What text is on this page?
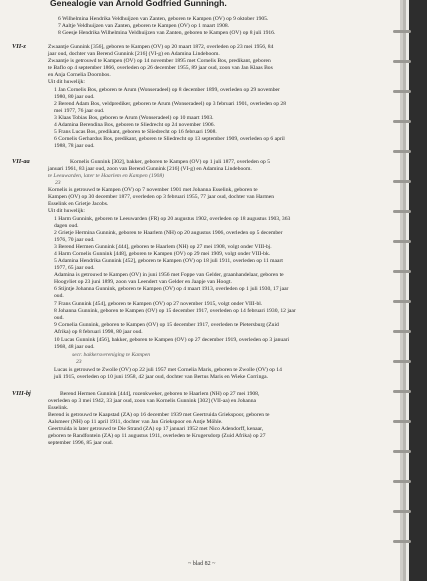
Genealogie van Arnold Godfried Gunningh.
6 Wilhelmina Hendrika Veldhuijzen van Zanten, geboren te Kampen (OV) op 9 oktober 1905.
7 Aaltje Veldhuijzen van Zanten, geboren te Kampen (OV) op 1 maart 1908.
8 Geesje Hendrika Wilhelmina Veldhuijzen van Zanten, geboren te Kampen (OV) op 8 juli 1916.
VII-z	Zwaantje Gunnink [356], geboren te Kampen (OV) op 20 maart 1872, overleden op 23 mei 1956, 84
jaar oud, dochter van Berend Gunnink [216] (VI-g) en Adamina Lindeboom.
Zwaantje is getrouwd te Kampen (OV) op 14 november 1895 met Cornelis Bos, predikant, geboren
te Baflo op 4 september 1866, overleden op 26 december 1955, 89 jaar oud, zoon van Jan Klaas Bos
en Anja Cornelia Doornbos.
Uit dit huwelijk:
1 Jan Cornelis Bos, geboren te Arum (Wonseradeel) op 8 december 1899, overleden op 29 november
1980, 80 jaar oud.
2 Berend Adam Bos, veldprediker, geboren te Arum (Wonseradeel) op 3 februari 1901, overleden op 28
mei 1977, 76 jaar oud.
3 Klaas Tobias Bos, geboren te Arum (Wonseradeel) op 10 maart 1903.
4 Adamina Berendina Bos, geboren te Sliedrecht op 24 november 1906.
5 Frans Lucas Bos, predikant, geboren te Sliedrecht op 16 februari 1908.
6 Cornelis Gerhardus Bos, predikant, geboren te Sliedrecht op 13 september 1909, overleden op 6 april
1988, 78 jaar oud.
VII-aa	Kornelis Gunnink [302], bakker, geboren te Kampen (OV) op 1 juli 1877, overleden op 5
januari 1961, 83 jaar oud, zoon van Berend Gunnink [216] (VI-g) en Adamina Lindeboom.
te Leeuwarden, later te Haarlem en Kampen (1908)
23
Kornelis is getrouwd te Kampen (OV) op 7 november 1901 met Johanna Esselink, geboren te
Kampen (OV) op 30 december 1877, overleden op 3 februari 1955, 77 jaar oud, dochter van Harmen
Esselink en Grietje Jacobs.
Uit dit huwelijk:
1 Harm Gunnink, geboren te Leeuwarden (FR) op 20 augustus 1902, overleden op 18 augustus 1903, 363
dagen oud.
2 Grietje Hermina Gunnink, geboren te Haarlem (NH) op 20 augustus 1906, overleden op 5 december
1976, 70 jaar oud.
3 Berend Hermen Gunnink [444], geboren te Haarlem (NH) op 27 mei 1908, volgt onder VIII-bj.
4 Harm Cornelis Gunnink [448], geboren te Kampen (OV) op 29 mei 1909, volgt onder VIII-bk.
5 Adamina Hendrika Gunnink [452], geboren te Kampen (OV) op 18 juli 1911, overleden op 11 maart
1977, 65 jaar oud.
Adamina is getrouwd te Kampen (OV) in juni 1956 met Foppe van Gelder, graanhandelaar, geboren te
Hoogvliet op 23 juni 1899, zoon van Leendert van Gelder en Jaapje van Hoogt.
6 Stijntje Johanna Gunnink, geboren te Kampen (OV) op 4 maart 1913, overleden op 1 juli 1930, 17 jaar
oud.
7 Frans Gunnink [454], geboren te Kampen (OV) op 27 november 1915, volgt onder VIII-bl.
8 Johanna Gunnink, geboren te Kampen (OV) op 15 december 1917, overleden op 14 februari 1930, 12 jaar
oud.
9 Cornelia Gunnink, geboren te Kampen (OV) op 15 december 1917, overleden te Pietersburg (Zuid
Afrika) op 8 februari 1998, 80 jaar oud.
10 Lucas Gunnink [456], bakker, geboren te Kampen (OV) op 27 december 1919, overleden op 3 januari
1968, 48 jaar oud.
secr. bakkersvereniging te Kampen
23
Lucas is getrouwd te Zwolle (OV) op 22 juli 1957 met Cornelia Maris, geboren te Zwolle (OV) op 14
juli 1915, overleden op 10 juni 1958, 42 jaar oud, dochter van Bertus Maris en Wieke Corringa.
VIII-bj	Berend Hermen Gunnink [444], rozenkweker, geboren te Haarlem (NH) op 27 mei 1908,
overleden op 3 mei 1942, 33 jaar oud, zoon van Kornelis Gunnink [302] (VII-aa) en Johanna
Esselink.
Berend is getrouwd te Kaapstad (ZA) op 16 december 1939 met Geertruida Griekspoor, geboren te
Aalsmeer (NH) op 11 april 1911, dochter van Jan Griekspoor en Antje Möhle.
Geertruida is later getrouwd te Die Strand (ZA) op 17 januari 1952 met Nico Adendorff, kenaar,
geboren te Randfontein (ZA) op 11 augustus 1911, overleden te Krugersdorp (Zuid Afrika) op 27
september 1996, 85 jaar oud.
~ blad 82 ~
